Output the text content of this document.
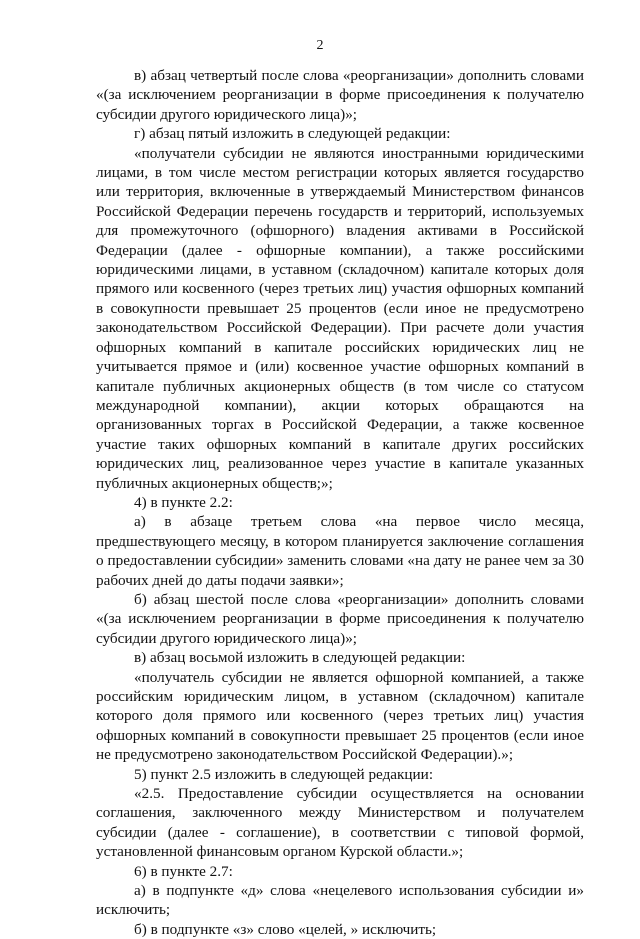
2

в) абзац четвертый после слова «реорганизации» дополнить словами «(за исключением реорганизации в форме присоединения к получателю субсидии другого юридического лица)»;

г) абзац пятый изложить в следующей редакции:

«получатели субсидии не являются иностранными юридическими лицами, в том числе местом регистрации которых является государство или территория, включенные в утверждаемый Министерством финансов Российской Федерации перечень государств и территорий, используемых для промежуточного (офшорного) владения активами в Российской Федерации (далее - офшорные компании), а также российскими юридическими лицами, в уставном (складочном) капитале которых доля прямого или косвенного (через третьих лиц) участия офшорных компаний в совокупности превышает 25 процентов (если иное не предусмотрено законодательством Российской Федерации). При расчете доли участия офшорных компаний в капитале российских юридических лиц не учитывается прямое и (или) косвенное участие офшорных компаний в капитале публичных акционерных обществ (в том числе со статусом международной компании), акции которых обращаются на организованных торгах в Российской Федерации, а также косвенное участие таких офшорных компаний в капитале других российских юридических лиц, реализованное через участие в капитале указанных публичных акционерных обществ;»;

4) в пункте 2.2:

а) в абзаце третьем слова «на первое число месяца, предшествующего месяцу, в котором планируется заключение соглашения о предоставлении субсидии» заменить словами «на дату не ранее чем за 30 рабочих дней до даты подачи заявки»;

б) абзац шестой после слова «реорганизации» дополнить словами «(за исключением реорганизации в форме присоединения к получателю субсидии другого юридического лица)»;

в) абзац восьмой изложить в следующей редакции:

«получатель субсидии не является офшорной компанией, а также российским юридическим лицом, в уставном (складочном) капитале которого доля прямого или косвенного (через третьих лиц) участия офшорных компаний в совокупности превышает 25 процентов (если иное не предусмотрено законодательством Российской Федерации).»;

5) пункт 2.5 изложить в следующей редакции:

«2.5. Предоставление субсидии осуществляется на основании соглашения, заключенного между Министерством и получателем субсидии (далее - соглашение), в соответствии с типовой формой, установленной финансовым органом Курской области.»;

6) в пункте 2.7:

а) в подпункте «д» слова «нецелевого использования субсидии и» исключить;

б) в подпункте «з» слово «целей, » исключить;
